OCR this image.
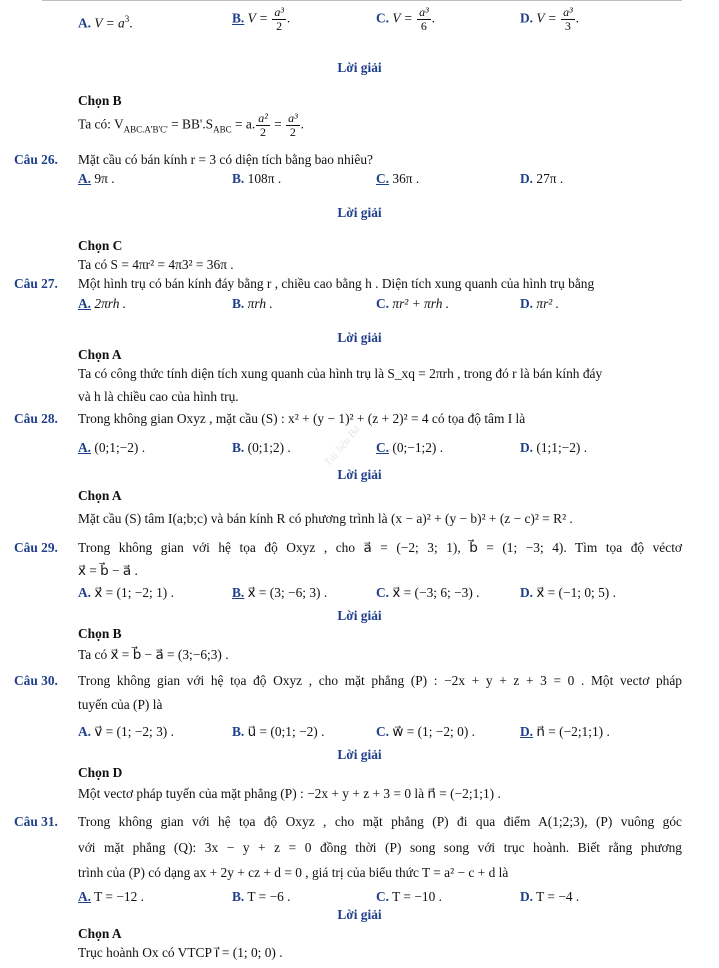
Tài liệu Bá
A. $V = a^3$.	B. $V = \frac{\text{a³}}{2}$ .	C. $V = \frac{\text{a³}}{6}$ .	D. $V = \frac{\text{a³}}{3}$ .
Lời giải
Chọn B
Ta có: $V_{ABC.A'B'C'} = BB'.S_{ABC} = a$. $\frac{\text{a²}}{2} = \frac{\text{a³}}{2}$ .
Câu 26. Mặt cầu có bán kính r = 3 có diện tích bằng bao nhiêu?
A. 9π .	B. 108π .	C. 36π .	D. 27π .
Lời giải
Chọn C
Ta có S = 4πr² = 4π3² = 36π .
Câu 27. Một hình trụ có bán kính đáy bằng r , chiều cao bằng h . Diện tích xung quanh của hình trụ bằng
A. 2πrh .	B. πrh .	C. πr² + πrh .	D. πr² .
Lời giải
Chọn A
Ta có công thức tính diện tích xung quanh của hình trụ là S_xq = 2πrh , trong đó r là bán kính đáy
và h là chiều cao của hình trụ.
Câu 28. Trong không gian Oxyz , mặt cầu (S) : x² + (y − 1)² + (z + 2)² = 4 có tọa độ tâm I là
A. (0;1;−2) .	B. (0;1;2) .	C. (0;−1;2) .	D. (1;1;−2) .
Lời giải
Chọn A
Mặt cầu (S) tâm I(a;b;c) và bán kính R có phương trình là (x − a)² + (y − b)² + (z − c)² = R² .
Câu 29. Trong không gian với hệ tọa độ Oxyz , cho a⃗ = (−2; 3; 1), b⃗ = (1; −3; 4). Tìm tọa độ véctơ
x⃗ = b⃗ − a⃗ .
A. x⃗ = (1; −2; 1) .	B. x⃗ = (3; −6; 3) .	C. x⃗ = (−3; 6; −3) .	D. x⃗ = (−1; 0; 5) .
Lời giải
Chọn B
Ta có x⃗ = b⃗ − a⃗ = (3;−6;3) .
Câu 30. Trong không gian với hệ tọa độ Oxyz , cho mặt phẳng (P) : −2x + y + z + 3 = 0 . Một vectơ pháp
tuyến của (P) là
A. v⃗ = (1; −2; 3) .	B. u⃗ = (0;1; −2) .	C. w⃗ = (1; −2; 0) .	D. n⃗ = (−2;1;1) .
Lời giải
Chọn D
Một vectơ pháp tuyến của mặt phẳng (P) : −2x + y + z + 3 = 0 là n⃗ = (−2;1;1) .
Câu 31. Trong không gian với hệ tọa độ Oxyz , cho mặt phẳng (P) đi qua điểm A(1;2;3), (P) vuông góc
với mặt phẳng (Q): 3x − y + z = 0 đồng thời (P) song song với trục hoành. Biết rằng phương
trình của (P) có dạng ax + 2y + cz + d = 0 , giá trị của biểu thức T = a² − c + d là
A. T = −12 .	B. T = −6 .	C. T = −10 .	D. T = −4 .
Lời giải
Chọn A
Trục hoành Ox có VTCP i⃗ = (1; 0; 0) .
